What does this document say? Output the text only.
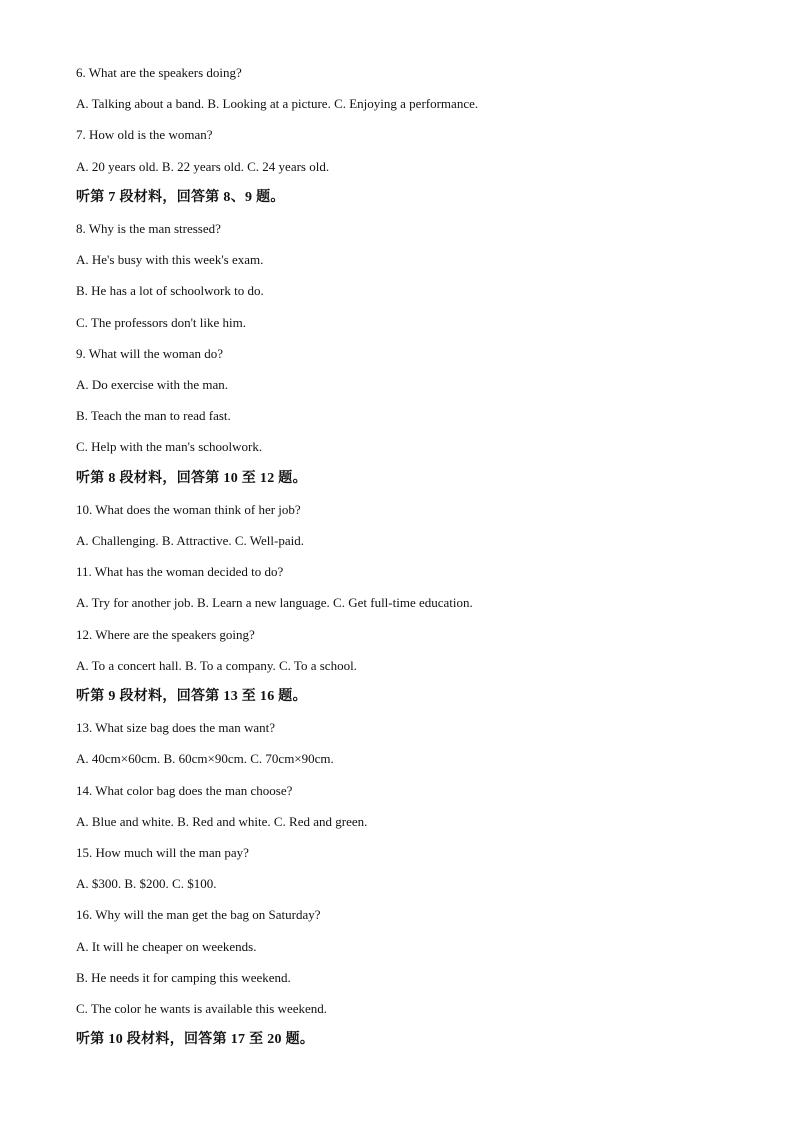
6. What are the speakers doing?
A. Talking about a band. B. Looking at a picture. C. Enjoying a performance.
7. How old is the woman?
A. 20 years old. B. 22 years old. C. 24 years old.
听第 7 段材料，回答第 8、9 题。
8. Why is the man stressed?
A. He's busy with this week's exam.
B. He has a lot of schoolwork to do.
C. The professors don't like him.
9. What will the woman do?
A. Do exercise with the man.
B. Teach the man to read fast.
C. Help with the man's schoolwork.
听第 8 段材料，回答第 10 至 12 题。
10. What does the woman think of her job?
A. Challenging. B. Attractive. C. Well-paid.
11. What has the woman decided to do?
A. Try for another job. B. Learn a new language. C. Get full-time education.
12. Where are the speakers going?
A. To a concert hall. B. To a company. C. To a school.
听第 9 段材料，回答第 13 至 16 题。
13. What size bag does the man want?
A. 40cm×60cm. B. 60cm×90cm. C. 70cm×90cm.
14. What color bag does the man choose?
A. Blue and white. B. Red and white. C. Red and green.
15. How much will the man pay?
A. $300. B. $200. C. $100.
16. Why will the man get the bag on Saturday?
A. It will he cheaper on weekends.
B. He needs it for camping this weekend.
C. The color he wants is available this weekend.
听第 10 段材料，回答第 17 至 20 题。
